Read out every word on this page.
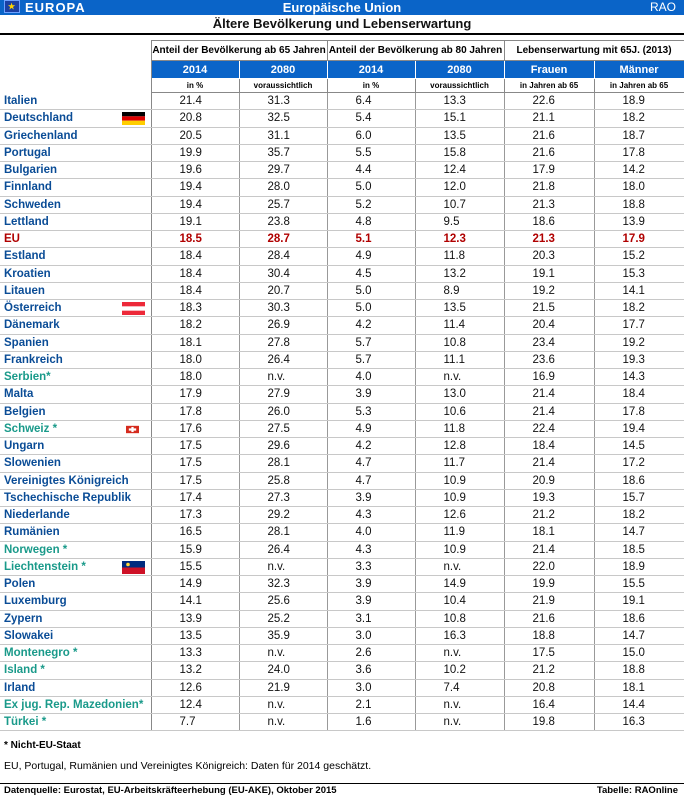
★EUROPA	Europäische Union	RAO
Ältere Bevölkerung und Lebenserwartung
	Anteil der Bevölkerung ab 65 Jahren		Anteil der Bevölkerung ab 80 Jahren		Lebenserwartung mit 65J. (2013)	
	2014	2080	2014	2080	Frauen	Männer
	in %	voraussichtlich	in %	voraussichtlich	in Jahren ab 65	in Jahren ab 65
Italien	21.4	31.3	6.4	13.3	22.6	18.9
Deutschland	20.8	32.5	5.4	15.1	21.1	18.2
Griechenland	20.5	31.1	6.0	13.5	21.6	18.7
Portugal	19.9	35.7	5.5	15.8	21.6	17.8
Bulgarien	19.6	29.7	4.4	12.4	17.9	14.2
Finnland	19.4	28.0	5.0	12.0	21.8	18.0
Schweden	19.4	25.7	5.2	10.7	21.3	18.8
Lettland	19.1	23.8	4.8	9.5	18.6	13.9
EU	18.5	28.7	5.1	12.3	21.3	17.9
Estland	18.4	28.4	4.9	11.8	20.3	15.2
Kroatien	18.4	30.4	4.5	13.2	19.1	15.3
Litauen	18.4	20.7	5.0	8.9	19.2	14.1
Österreich	18.3	30.3	5.0	13.5	21.5	18.2
Dänemark	18.2	26.9	4.2	11.4	20.4	17.7
Spanien	18.1	27.8	5.7	10.8	23.4	19.2
Frankreich	18.0	26.4	5.7	11.1	23.6	19.3
Serbien*	18.0	n.v.	4.0	n.v.	16.9	14.3
Malta	17.9	27.9	3.9	13.0	21.4	18.4
Belgien	17.8	26.0	5.3	10.6	21.4	17.8
Schweiz *	17.6	27.5	4.9	11.8	22.4	19.4
Ungarn	17.5	29.6	4.2	12.8	18.4	14.5
Slowenien	17.5	28.1	4.7	11.7	21.4	17.2
Vereinigtes Königreich	17.5	25.8	4.7	10.9	20.9	18.6
Tschechische Republik	17.4	27.3	3.9	10.9	19.3	15.7
Niederlande	17.3	29.2	4.3	12.6	21.2	18.2
Rumänien	16.5	28.1	4.0	11.9	18.1	14.7
Norwegen *	15.9	26.4	4.3	10.9	21.4	18.5
Liechtenstein *	15.5	n.v.	3.3	n.v.	22.0	18.9
Polen	14.9	32.3	3.9	14.9	19.9	15.5
Luxemburg	14.1	25.6	3.9	10.4	21.9	19.1
Zypern	13.9	25.2	3.1	10.8	21.6	18.6
Slowakei	13.5	35.9	3.0	16.3	18.8	14.7
Montenegro *	13.3	n.v.	2.6	n.v.	17.5	15.0
Island *	13.2	24.0	3.6	10.2	21.2	18.8
Irland	12.6	21.9	3.0	7.4	20.8	18.1
Ex jug. Rep. Mazedonien*	12.4	n.v.	2.1	n.v.	16.4	14.4
Türkei *	7.7	n.v.	1.6	n.v.	19.8	16.3
* Nicht-EU-Staat
EU, Portugal, Rumänien und Vereinigtes Königreich: Daten für 2014 geschätzt.
Datenquelle: Eurostat, EU-Arbeitskräfteerhebung (EU-AKE), Oktober 2015	Tabelle: RAOnline
